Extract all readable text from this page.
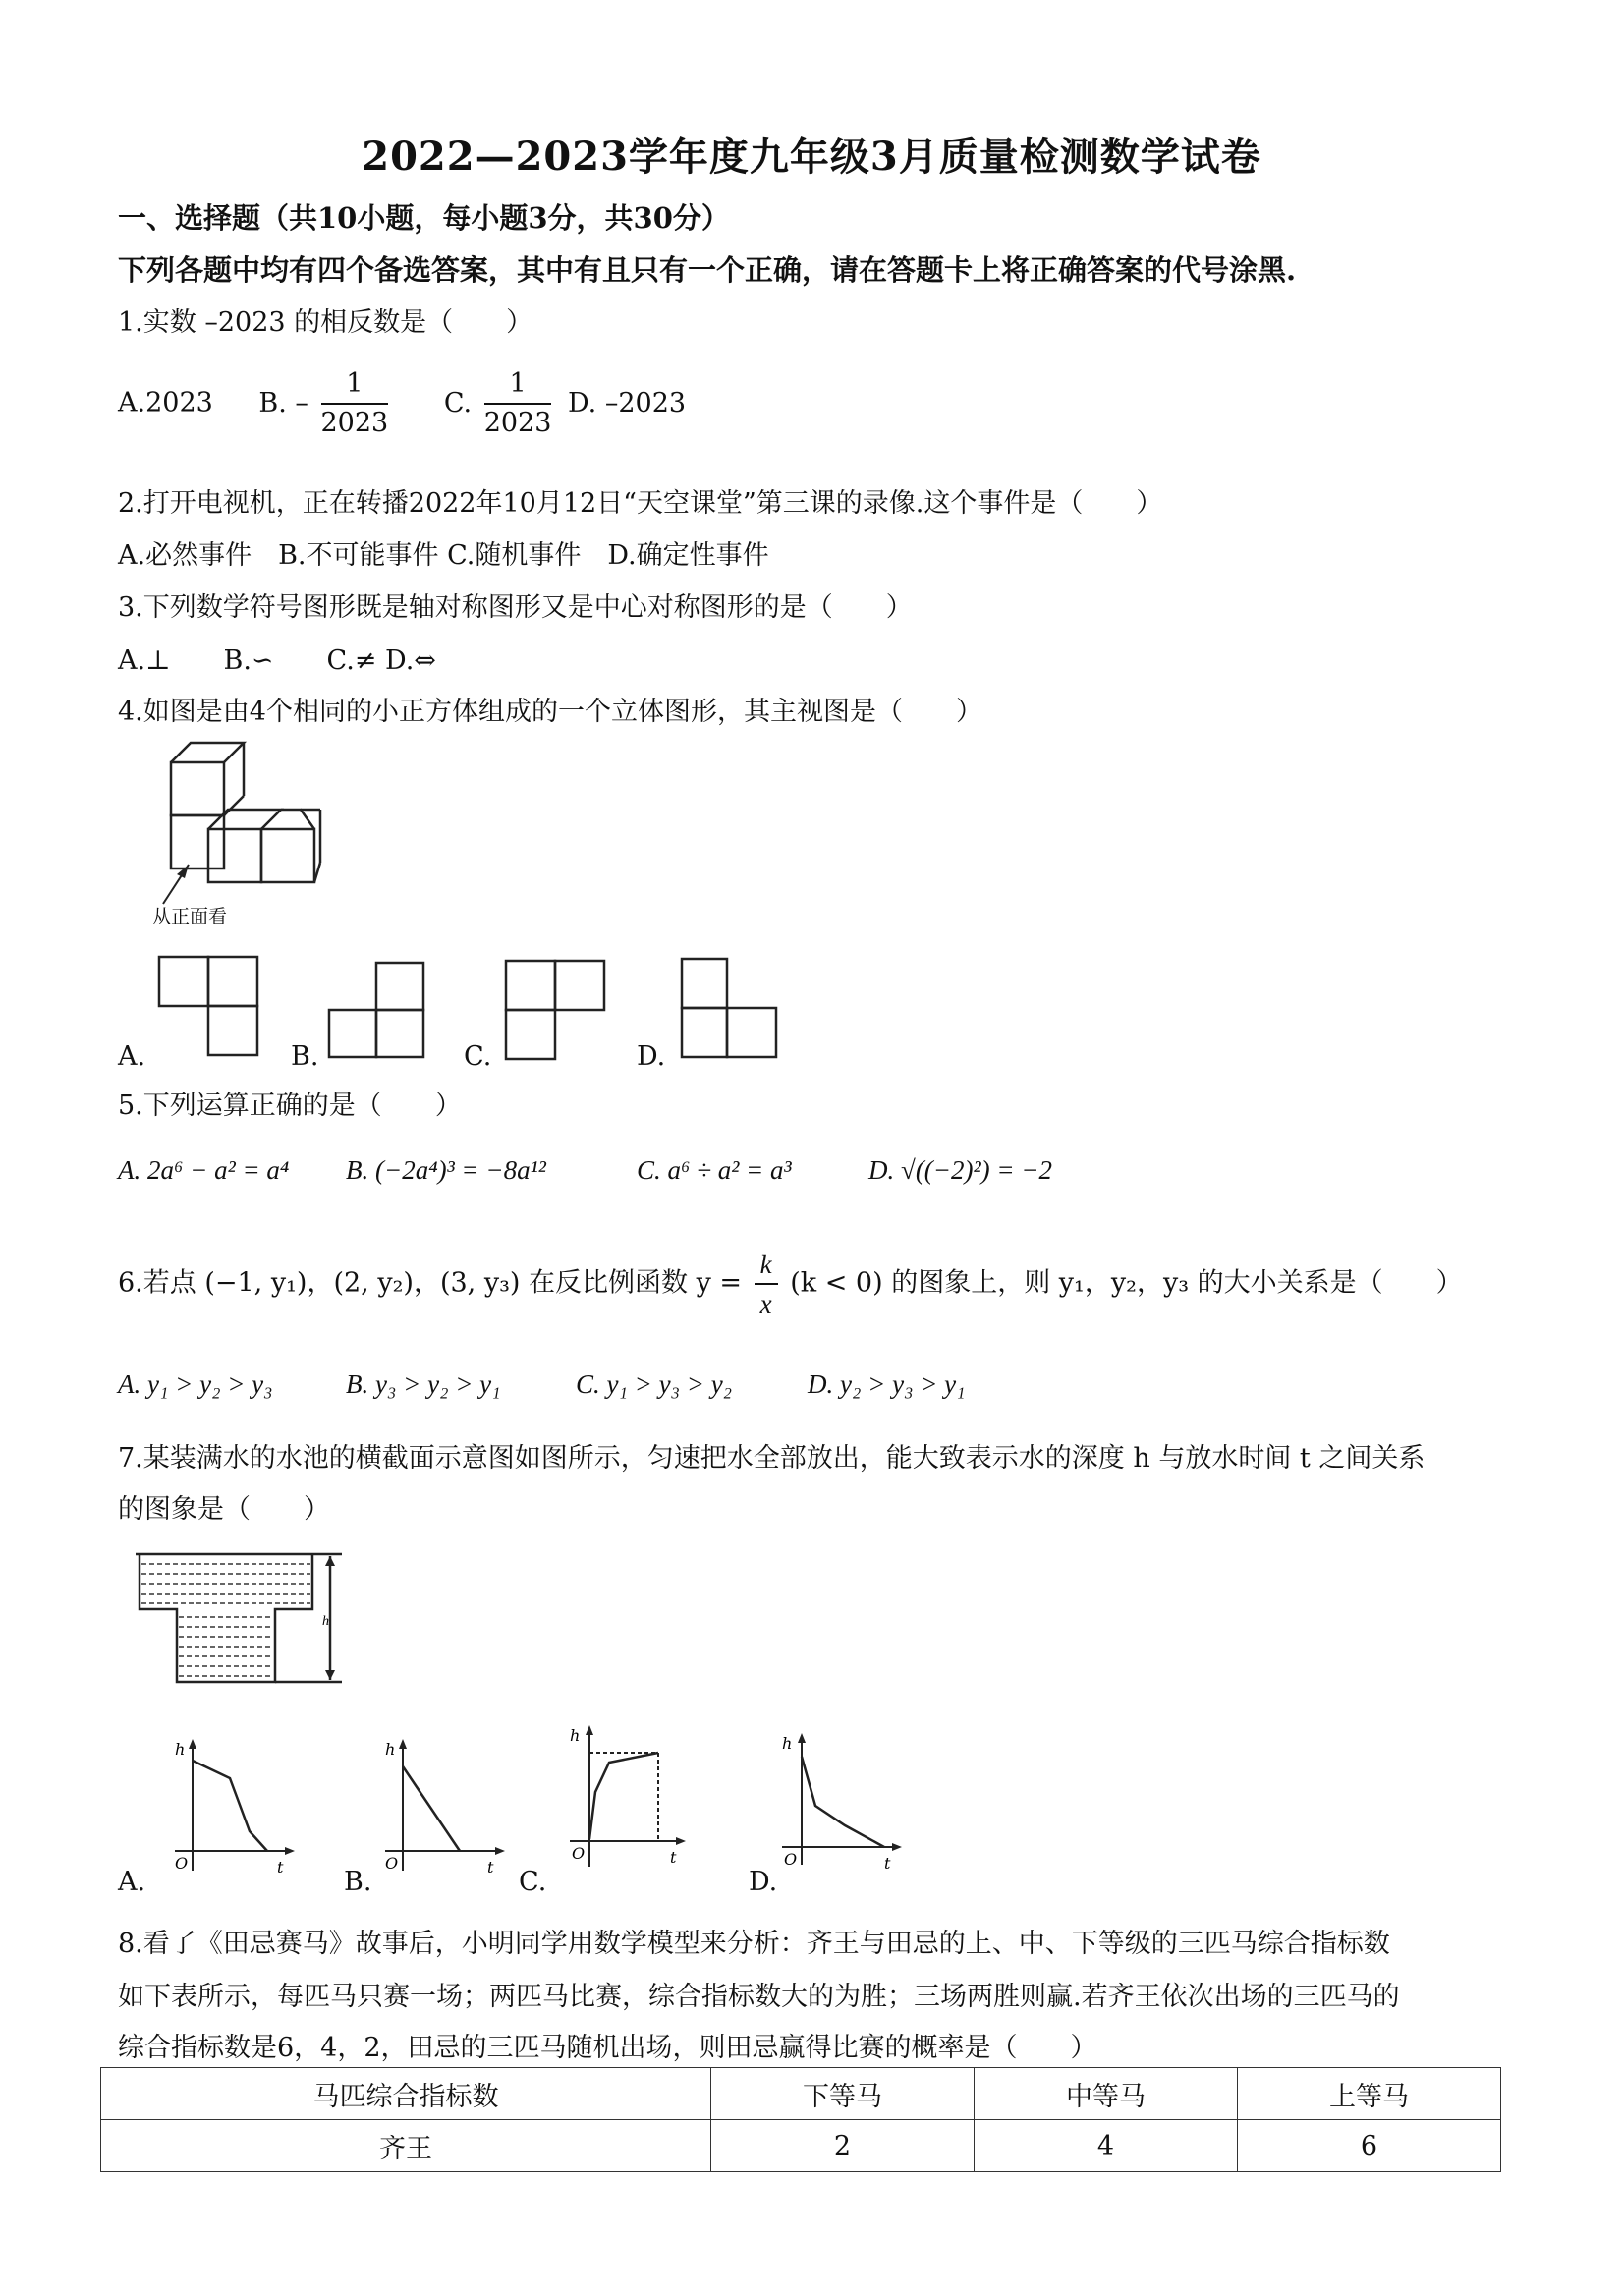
2022—2023学年度九年级3月质量检测数学试卷
一、选择题（共10小题，每小题3分，共30分）
下列各题中均有四个备选答案，其中有且只有一个正确，请在答题卡上将正确答案的代号涂黑.
1.实数 –2023 的相反数是（　　）
A.2023 B. – $\frac{1}{2023} C$. $\frac{1}{2023} D$. –2023
2.打开电视机，正在转播2022年10月12日“天空课堂”第三课的录像.这个事件是（　　）
A.必然事件　B.不可能事件 C.随机事件　D.确定性事件
3.下列数学符号图形既是轴对称图形又是中心对称图形的是（　　）
A.⊥　　B.∽　　C.≠ D.⇔
4.如图是由4个相同的小正方体组成的一个立体图形，其主视图是（　　）
从正面看
A.	B.	C.	D.
5.下列运算正确的是（　　）
A. 2a⁶ − a² = a⁴ B. (−2a⁴)³ = −8a¹²	C. a⁶ ÷ a² = a³	D. √((−2)²) = −2
6.若点 (−1, y₁)，(2, y₂)，(3, y₃) 在反比例函数 $y = \frac{k}{x} (k < 0)$ 的图象上，则 y₁，y₂，y₃ 的大小关系是（　　）
A. y₁ > y₂ > y₃	B. y₃ > y₂ > y₁	C. y₁ > y₃ > y₂	D. y₂ > y₃ > y₁
7.某装满水的水池的横截面示意图如图所示，匀速把水全部放出，能大致表示水的深度 h 与放水时间 t 之间关系
的图象是（　　）
h
h
t
O
h
t
O
h
t
O
h
t
O
A.	B.	C.	D.
8.看了《田忌赛马》故事后，小明同学用数学模型来分析：齐王与田忌的上、中、下等级的三匹马综合指标数
如下表所示，每匹马只赛一场；两匹马比赛，综合指标数大的为胜；三场两胜则赢.若齐王依次出场的三匹马的
综合指标数是6，4，2，田忌的三匹马随机出场，则田忌赢得比赛的概率是（　　）
马匹综合指标数	下等马	中等马	上等马
齐王	2	4	6
